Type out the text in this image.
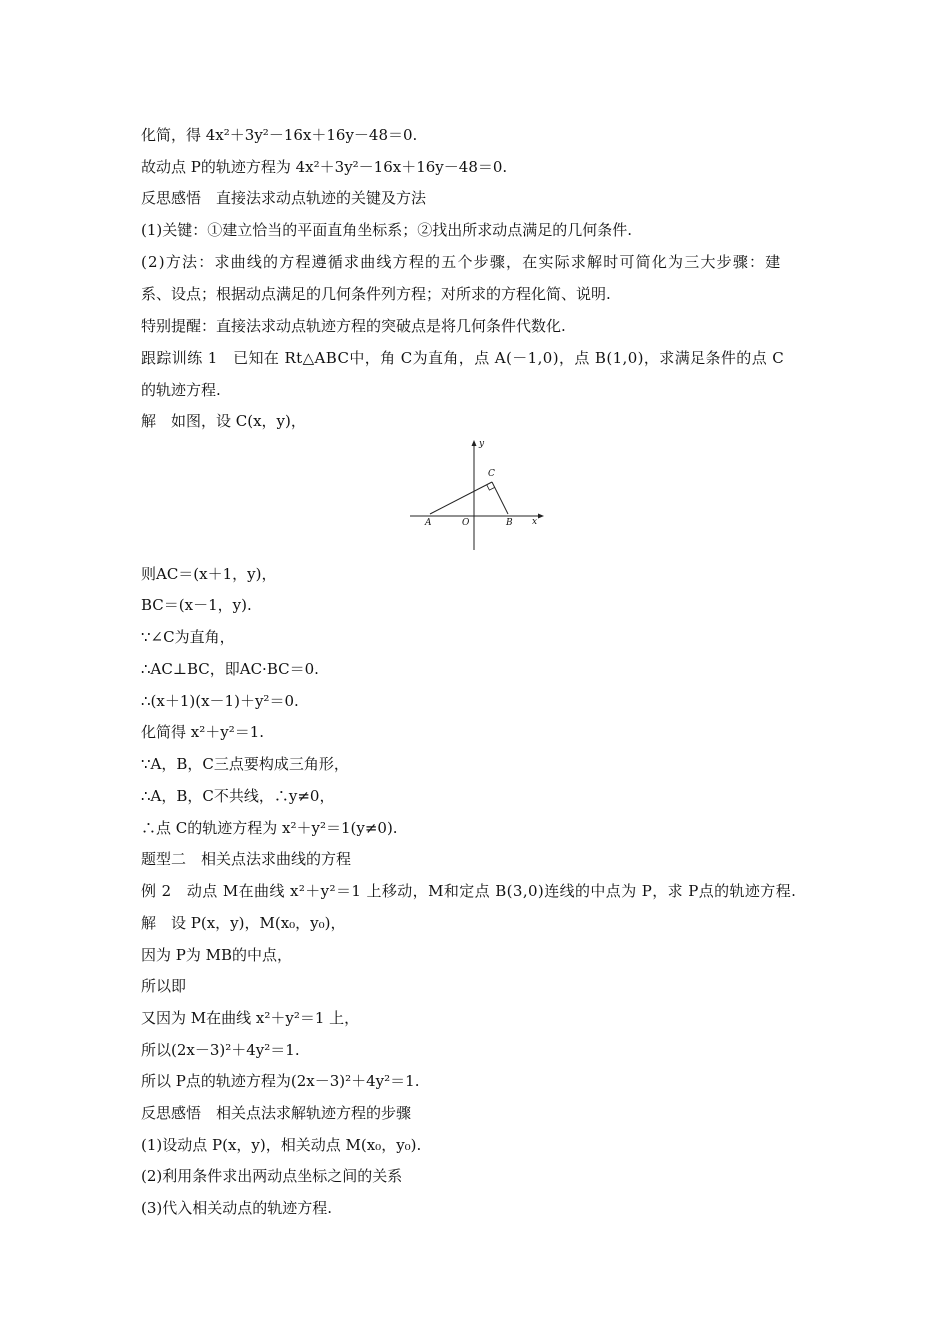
化简，得 4x²＋3y²－16x＋16y－48＝0.
故动点 P的轨迹方程为 4x²＋3y²－16x＋16y－48＝0.
反思感悟　直接法求动点轨迹的关键及方法
(1)关键：①建立恰当的平面直角坐标系；②找出所求动点满足的几何条件.
(2)方法：求曲线的方程遵循求曲线方程的五个步骤，在实际求解时可简化为三大步骤：建
系、设点；根据动点满足的几何条件列方程；对所求的方程化简、说明.
特别提醒：直接法求动点轨迹方程的突破点是将几何条件代数化.
跟踪训练 1　已知在 Rt△ABC中，角 C为直角，点 A(－1,0)，点 B(1,0)，求满足条件的点 C
的轨迹方程.
解　如图，设 C(x，y)，
y
x
A	O	B
C
则AC＝(x＋1，y)，
BC＝(x－1，y).
∵∠C为直角，
∴AC⊥BC，即AC·BC＝0.
∴(x＋1)(x－1)＋y²＝0.
化简得 x²＋y²＝1.
∵A，B，C三点要构成三角形，
∴A，B，C不共线，∴y≠0，
∴点 C的轨迹方程为 x²＋y²＝1(y≠0).
题型二　相关点法求曲线的方程
例 2　动点 M在曲线 x²＋y²＝1 上移动，M和定点 B(3,0)连线的中点为 P，求 P点的轨迹方程.
解　设 P(x，y)，M(x₀，y₀)，
因为 P为 MB的中点，
所以即
又因为 M在曲线 x²＋y²＝1 上，
所以(2x－3)²＋4y²＝1.
所以 P点的轨迹方程为(2x－3)²＋4y²＝1.
反思感悟　相关点法求解轨迹方程的步骤
(1)设动点 P(x，y)，相关动点 M(x₀，y₀).
(2)利用条件求出两动点坐标之间的关系
(3)代入相关动点的轨迹方程.
